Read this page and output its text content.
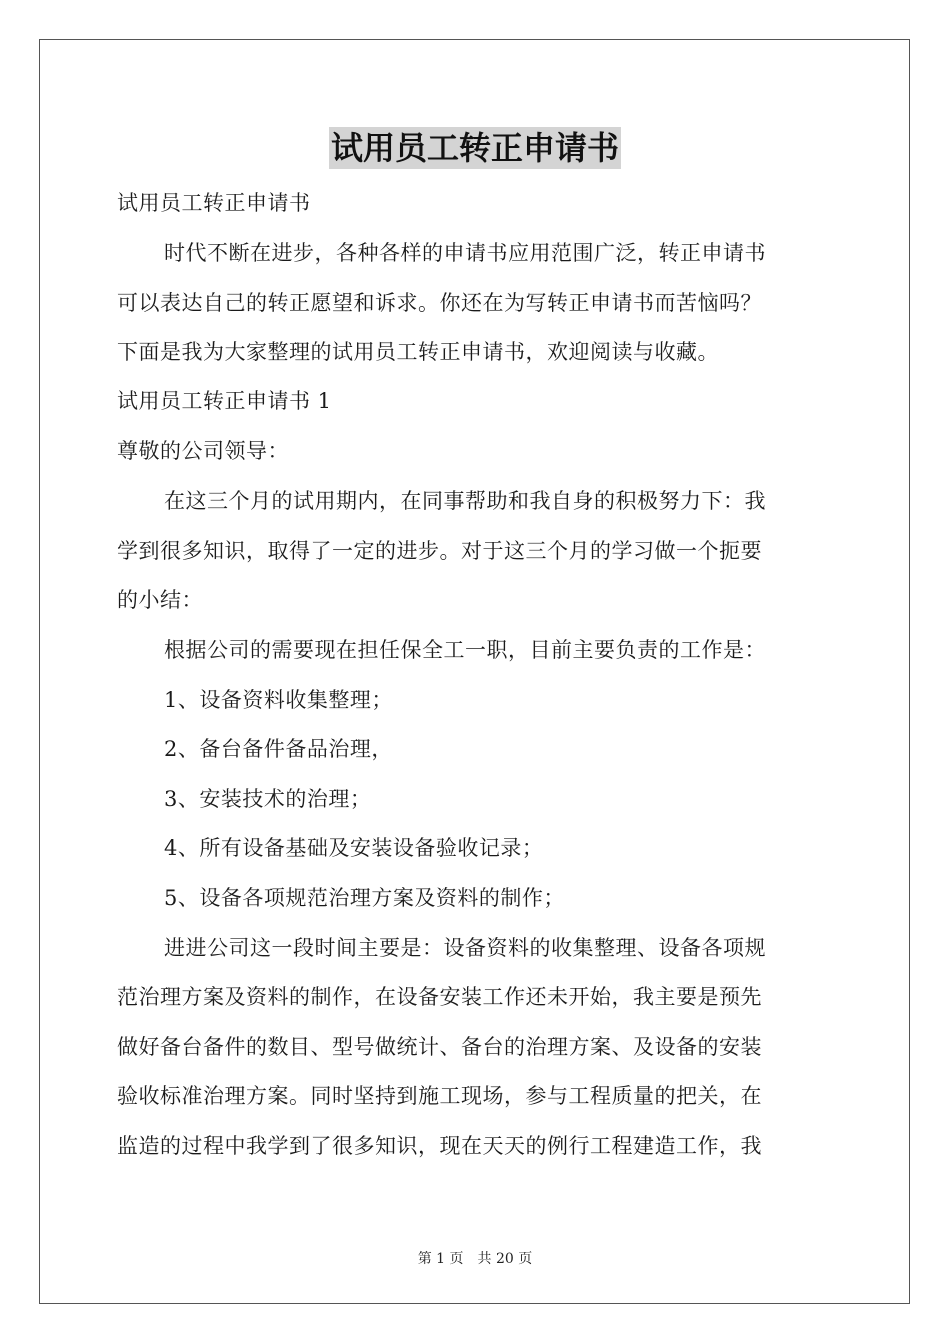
试用员工转正申请书
试用员工转正申请书
时代不断在进步，各种各样的申请书应用范围广泛，转正申请书
可以表达自己的转正愿望和诉求。你还在为写转正申请书而苦恼吗？
下面是我为大家整理的试用员工转正申请书，欢迎阅读与收藏。
试用员工转正申请书 1
尊敬的公司领导：
在这三个月的试用期内，在同事帮助和我自身的积极努力下：我
学到很多知识，取得了一定的进步。对于这三个月的学习做一个扼要
的小结：
根据公司的需要现在担任保全工一职，目前主要负责的工作是：
1、设备资料收集整理；
2、备台备件备品治理，
3、安装技术的治理；
4、所有设备基础及安装设备验收记录；
5、设备各项规范治理方案及资料的制作；
进进公司这一段时间主要是：设备资料的收集整理、设备各项规
范治理方案及资料的制作，在设备安装工作还未开始，我主要是预先
做好备台备件的数目、型号做统计、备台的治理方案、及设备的安装
验收标准治理方案。同时坚持到施工现场，参与工程质量的把关，在
监造的过程中我学到了很多知识，现在天天的例行工程建造工作，我
第 1 页　共 20 页
